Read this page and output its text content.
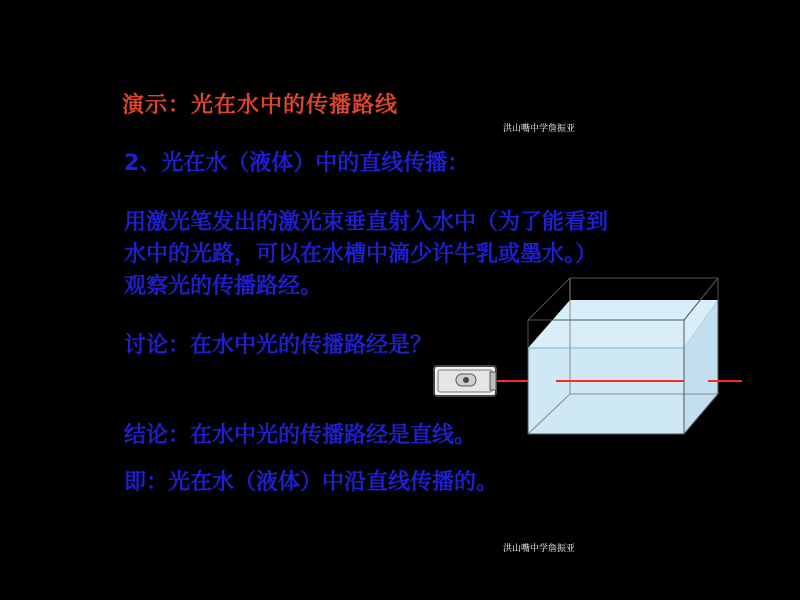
演示：光在水中的传播路线
洪山嘴中学詹振亚
2、光在水（液体）中的直线传播：
用激光笔发出的激光束垂直射入水中（为了能看到
水中的光路，可以在水槽中滴少许牛乳或墨水。）
观察光的传播路经。
讨论：在水中光的传播路经是？
结论：在水中光的传播路经是直线。
即：光在水（液体）中沿直线传播的。
洪山嘴中学詹振亚
